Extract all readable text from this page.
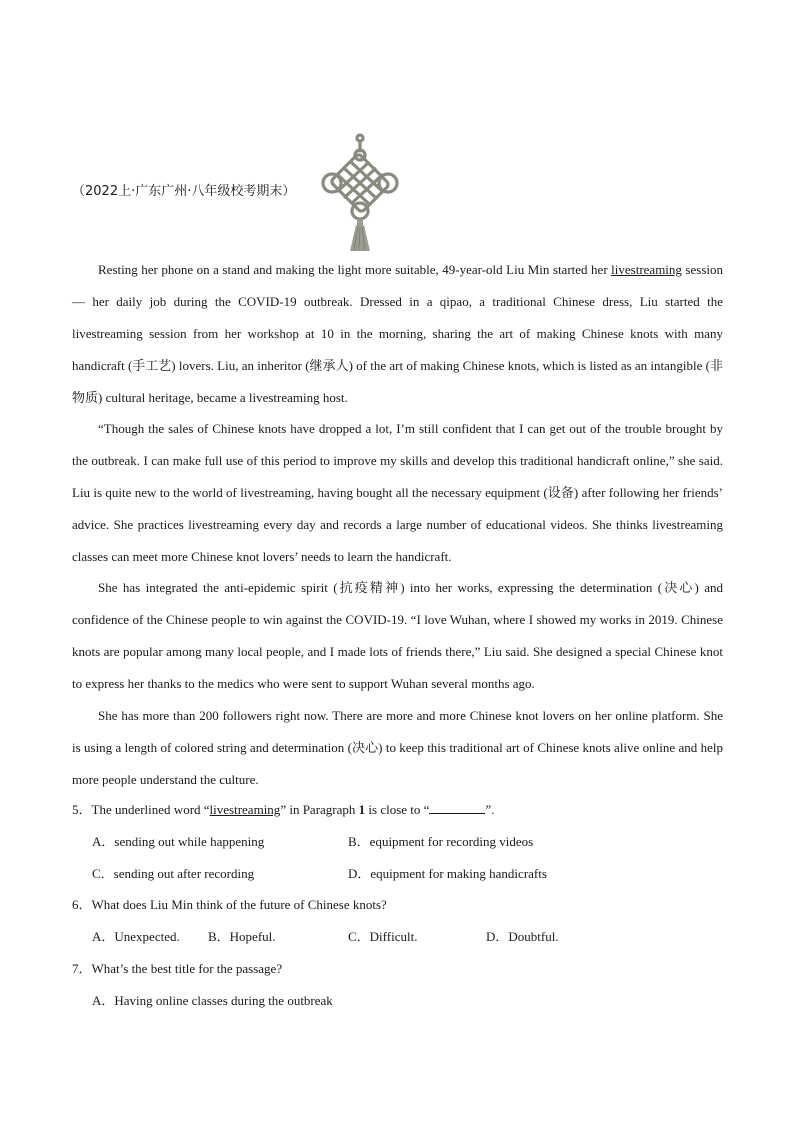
（2022上·广东广州·八年级校考期末）

Resting her phone on a stand and making the light more suitable, 49-year-old Liu Min started her livestreaming session — her daily job during the COVID-19 outbreak. Dressed in a qipao, a traditional Chinese dress, Liu started the livestreaming session from her workshop at 10 in the morning, sharing the art of making Chinese knots with many handicraft (手工艺) lovers. Liu, an inheritor (继承人) of the art of making Chinese knots, which is listed as an intangible (非物质) cultural heritage, became a livestreaming host.

“Though the sales of Chinese knots have dropped a lot, I’m still confident that I can get out of the trouble brought by the outbreak. I can make full use of this period to improve my skills and develop this traditional handicraft online,” she said. Liu is quite new to the world of livestreaming, having bought all the necessary equipment (设备) after following her friends’ advice. She practices livestreaming every day and records a large number of educational videos. She thinks livestreaming classes can meet more Chinese knot lovers’ needs to learn the handicraft.

She has integrated the anti-epidemic spirit (抗疫精神) into her works, expressing the determination (决心) and confidence of the Chinese people to win against the COVID-19. “I love Wuhan, where I showed my works in 2019. Chinese knots are popular among many local people, and I made lots of friends there,” Liu said. She designed a special Chinese knot to express her thanks to the medics who were sent to support Wuhan several months ago.

She has more than 200 followers right now. There are more and more Chinese knot lovers on her online platform. She is using a length of colored string and determination (决心) to keep this traditional art of Chinese knots alive online and help more people understand the culture.

5．The underlined word “livestreaming” in Paragraph 1 is close to “	”.
A．sending out while happening	B．equipment for recording videos
C．sending out after recording	D．equipment for making handicrafts
6．What does Liu Min think of the future of Chinese knots?
A．Unexpected. B．Hopeful.	C．Difficult.	D．Doubtful.
7．What’s the best title for the passage?
A．Having online classes during the outbreak
